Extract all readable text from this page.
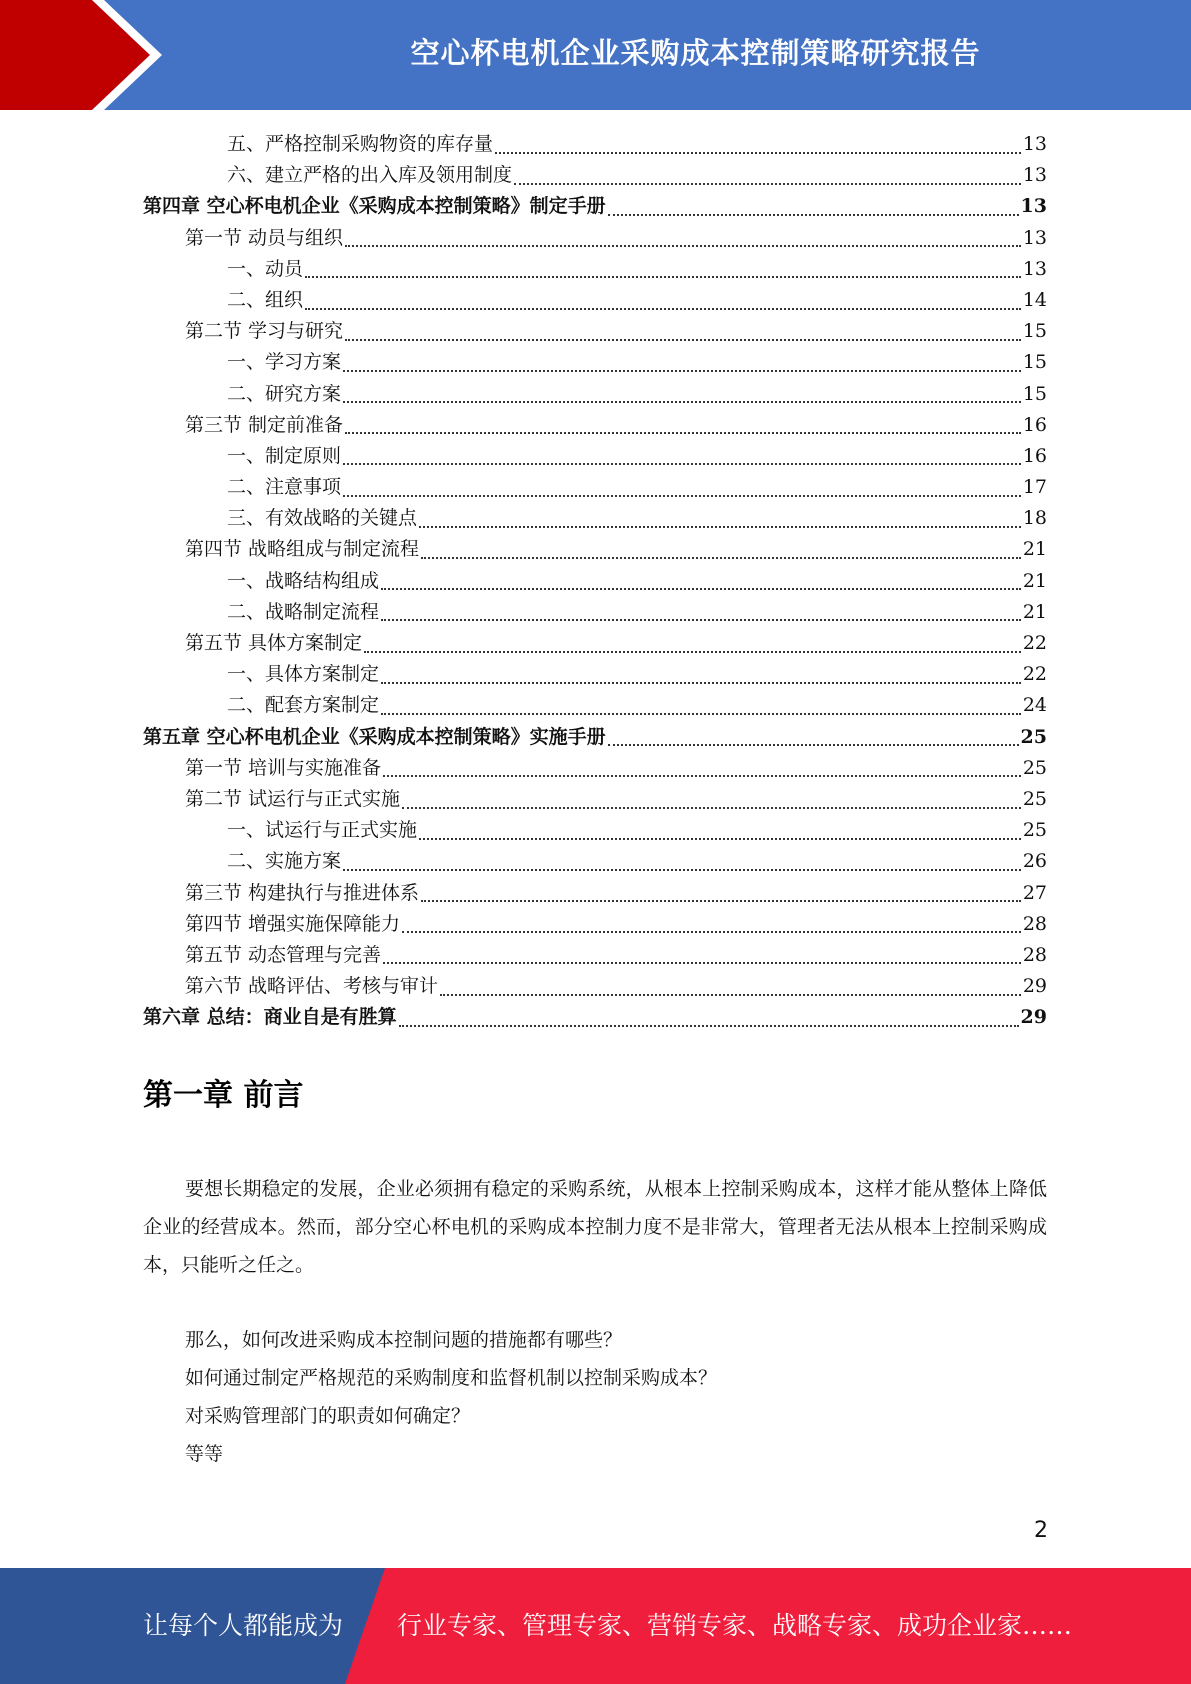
空心杯电机企业采购成本控制策略研究报告
五、严格控制采购物资的库存量	13
六、建立严格的出入库及领用制度	13
第四章 空心杯电机企业《采购成本控制策略》制定手册	13
第一节 动员与组织	13
一、动员	13
二、组织	14
第二节 学习与研究	15
一、学习方案	15
二、研究方案	15
第三节 制定前准备	16
一、制定原则	16
二、注意事项	17
三、有效战略的关键点	18
第四节 战略组成与制定流程	21
一、战略结构组成	21
二、战略制定流程	21
第五节 具体方案制定	22
一、具体方案制定	22
二、配套方案制定	24
第五章 空心杯电机企业《采购成本控制策略》实施手册	25
第一节 培训与实施准备	25
第二节 试运行与正式实施	25
一、试运行与正式实施	25
二、实施方案	26
第三节 构建执行与推进体系	27
第四节 增强实施保障能力	28
第五节 动态管理与完善	28
第六节 战略评估、考核与审计	29
第六章 总结：商业自是有胜算	29
第一章 前言

要想长期稳定的发展，企业必须拥有稳定的采购系统，从根本上控制采购成本，这样才能从整体上降低企业的经营成本。然而，部分空心杯电机的采购成本控制力度不是非常大，管理者无法从根本上控制采购成本，只能听之任之。

那么，如何改进采购成本控制问题的措施都有哪些？

如何通过制定严格规范的采购制度和监督机制以控制采购成本？

对采购管理部门的职责如何确定？

等等

2
让每个人都能成为 行业专家、管理专家、营销专家、战略专家、成功企业家……
